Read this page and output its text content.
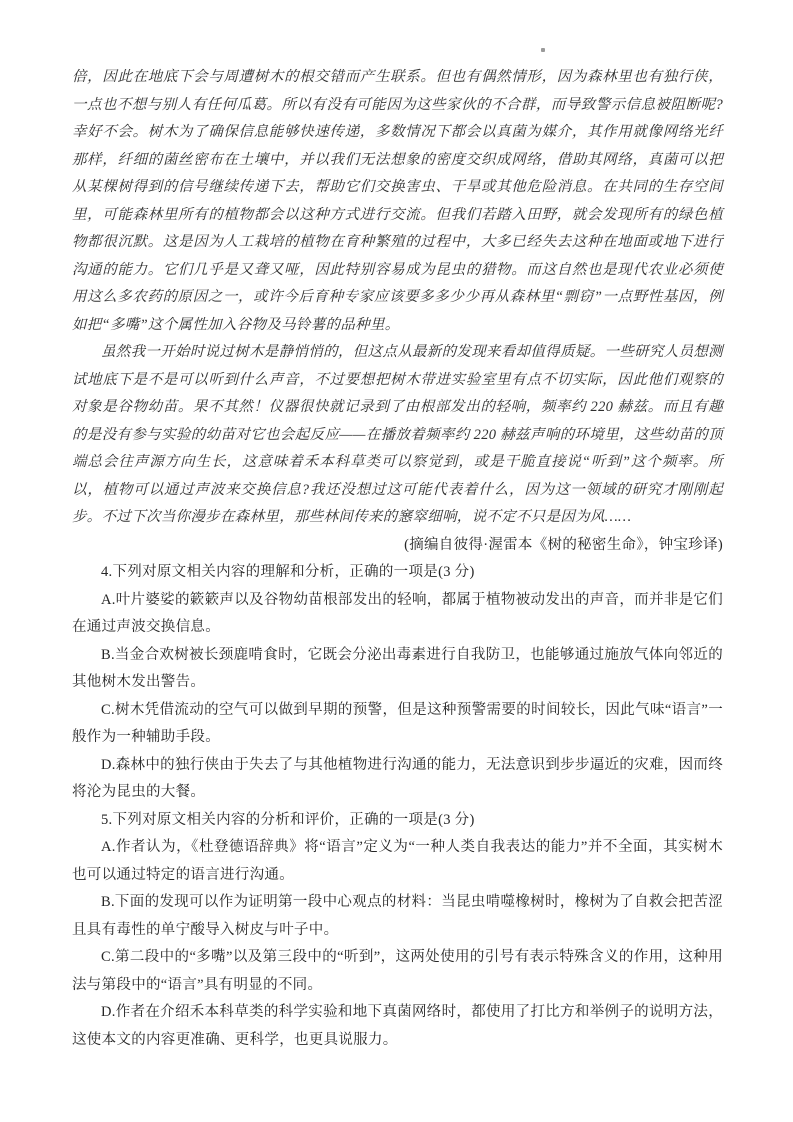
倍，因此在地底下会与周遭树木的根交错而产生联系。但也有偶然情形，因为森林里也有独行侠，一点也不想与别人有任何瓜葛。所以有没有可能因为这些家伙的不合群，而导致警示信息被阻断呢?幸好不会。树木为了确保信息能够快速传递，多数情况下都会以真菌为媒介，其作用就像网络光纤那样，纤细的菌丝密布在土壤中，并以我们无法想象的密度交织成网络，借助其网络，真菌可以把从某棵树得到的信号继续传递下去，帮助它们交换害虫、干旱或其他危险消息。在共同的生存空间里，可能森林里所有的植物都会以这种方式进行交流。但我们若踏入田野，就会发现所有的绿色植物都很沉默。这是因为人工栽培的植物在育种繁殖的过程中，大多已经失去这种在地面或地下进行沟通的能力。它们几乎是又聋又哑，因此特别容易成为昆虫的猎物。而这自然也是现代农业必须使用这么多农药的原因之一，或许今后育种专家应该要多多少少再从森林里“剽窃”一点野性基因，例如把“多嘴”这个属性加入谷物及马铃薯的品种里。

虽然我一开始时说过树木是静悄悄的，但这点从最新的发现来看却值得质疑。一些研究人员想测试地底下是不是可以听到什么声音，不过要想把树木带进实验室里有点不切实际，因此他们观察的对象是谷物幼苗。果不其然！仪器很快就记录到了由根部发出的轻响，频率约 220 赫兹。而且有趣的是没有参与实验的幼苗对它也会起反应——在播放着频率约 220 赫兹声响的环境里，这些幼苗的顶端总会往声源方向生长，这意味着禾本科草类可以察觉到，或是干脆直接说“听到”这个频率。所以，植物可以通过声波来交换信息?我还没想过这可能代表着什么，因为这一领域的研究才刚刚起步。不过下次当你漫步在森林里，那些林间传来的窸窣细响，说不定不只是因为风……

(摘编自彼得·渥雷本《树的秘密生命》，钟宝珍译)

4.下列对原文相关内容的理解和分析，正确的一项是(3 分)

A.叶片婆娑的簌簌声以及谷物幼苗根部发出的轻响，都属于植物被动发出的声音，而并非是它们在通过声波交换信息。

B.当金合欢树被长颈鹿啃食时，它既会分泌出毒素进行自我防卫，也能够通过施放气体向邻近的其他树木发出警告。

C.树木凭借流动的空气可以做到早期的预警，但是这种预警需要的时间较长，因此气味“语言”一般作为一种辅助手段。

D.森林中的独行侠由于失去了与其他植物进行沟通的能力，无法意识到步步逼近的灾难，因而终将沦为昆虫的大餐。

5.下列对原文相关内容的分析和评价，正确的一项是(3 分)

A.作者认为，《杜登德语辞典》将“语言”定义为“一种人类自我表达的能力”并不全面，其实树木也可以通过特定的语言进行沟通。

B.下面的发现可以作为证明第一段中心观点的材料：当昆虫啃噬橡树时，橡树为了自救会把苦涩且具有毒性的单宁酸导入树皮与叶子中。

C.第二段中的“多嘴”以及第三段中的“听到”，这两处使用的引号有表示特殊含义的作用，这种用法与第段中的“语言”具有明显的不同。

D.作者在介绍禾本科草类的科学实验和地下真菌网络时，都使用了打比方和举例子的说明方法，这使本文的内容更准确、更科学，也更具说服力。
